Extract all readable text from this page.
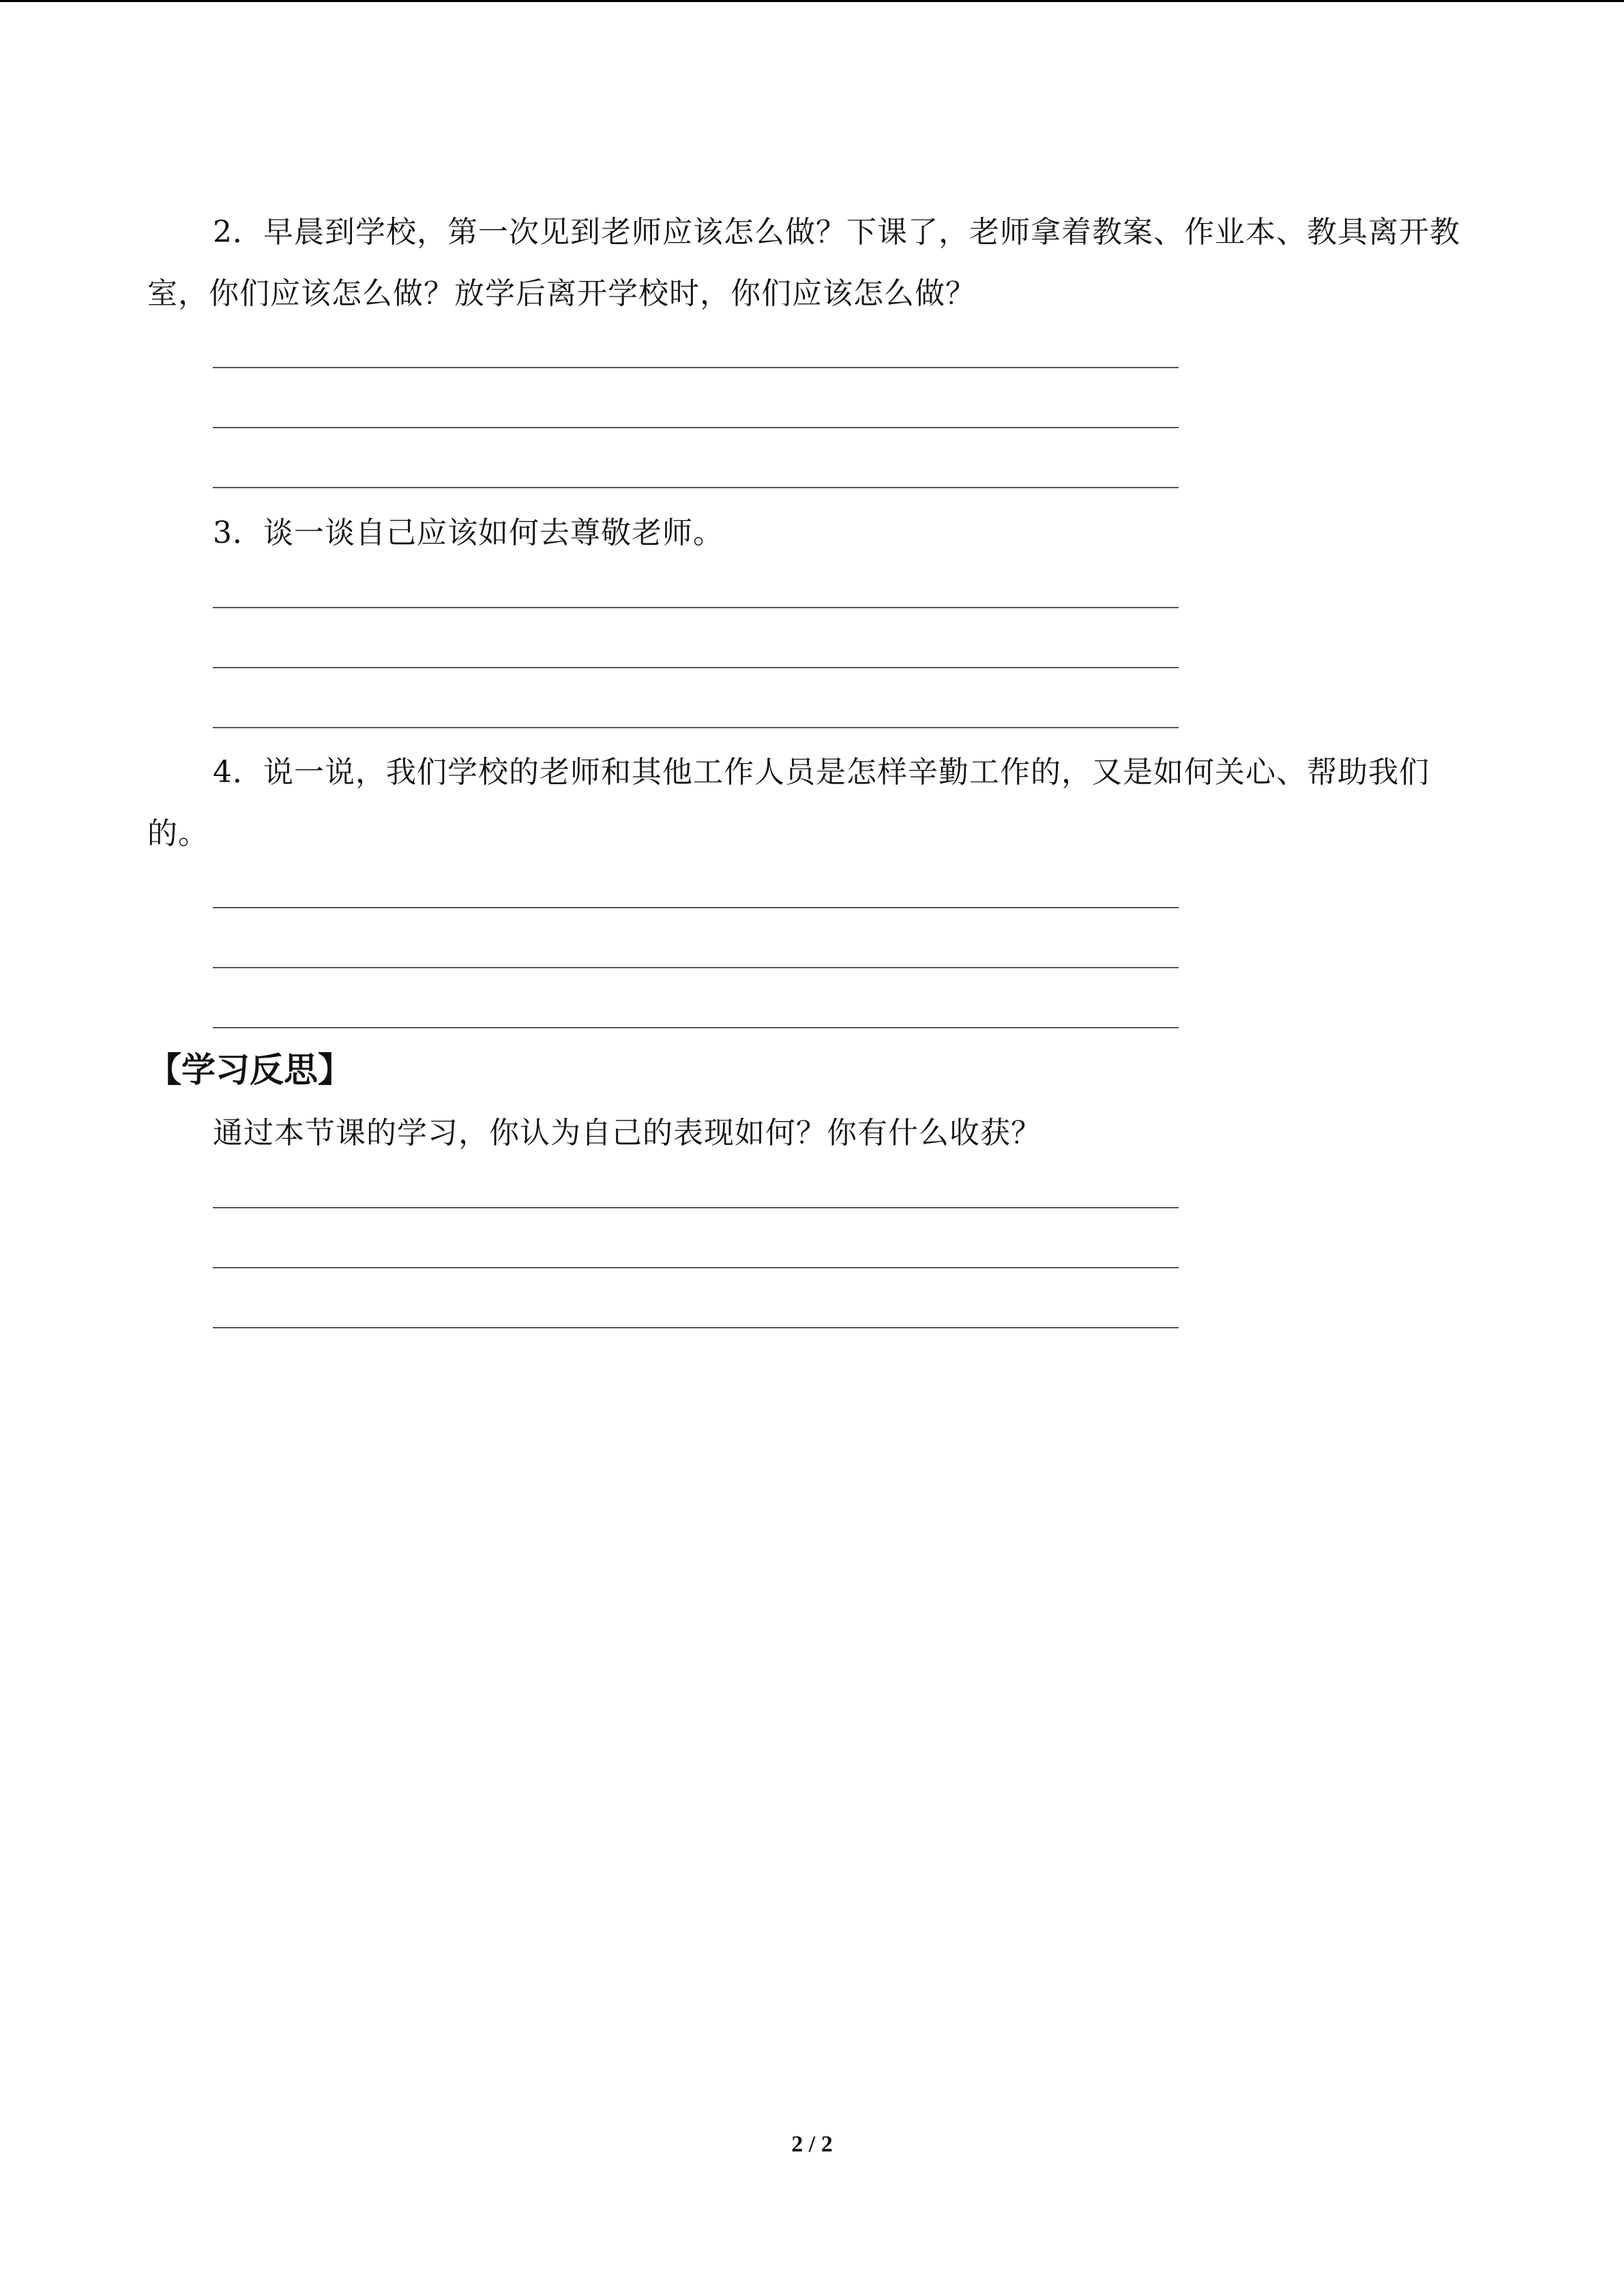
2．早晨到学校，第一次见到老师应该怎么做？下课了，老师拿着教案、作业本、教具离开教室，你们应该怎么做？放学后离开学校时，你们应该怎么做？

3．谈一谈自己应该如何去尊敬老师。

4．说一说，我们学校的老师和其他工作人员是怎样辛勤工作的，又是如何关心、帮助我们的。

【学习反思】

通过本节课的学习，你认为自己的表现如何？你有什么收获？

2 / 2
